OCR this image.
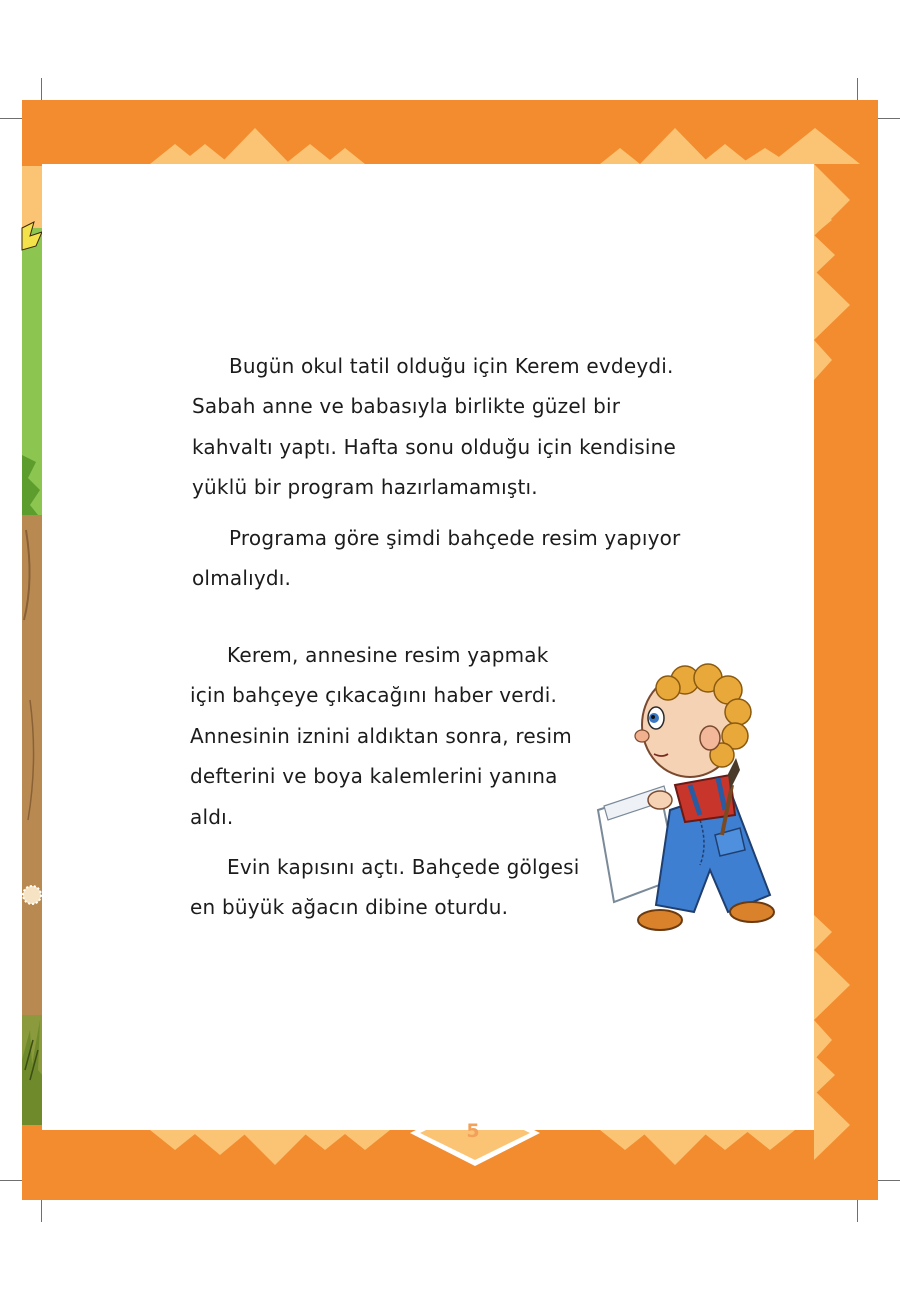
Bugün okul tatil olduğu için Kerem evdeydi.
Sabah anne ve babasıyla birlikte güzel bir
kahvaltı yaptı. Hafta sonu olduğu için kendisine
yüklü bir program hazırlamamıştı.

Programa göre şimdi bahçede resim yapıyor
olmalıydı.

Kerem, annesine resim yapmak
için bahçeye çıkacağını haber verdi.
Annesinin iznini aldıktan sonra, resim
defterini ve boya kalemlerini yanına
aldı.

Evin kapısını açtı. Bahçede gölgesi
en büyük ağacın dibine oturdu.

5
